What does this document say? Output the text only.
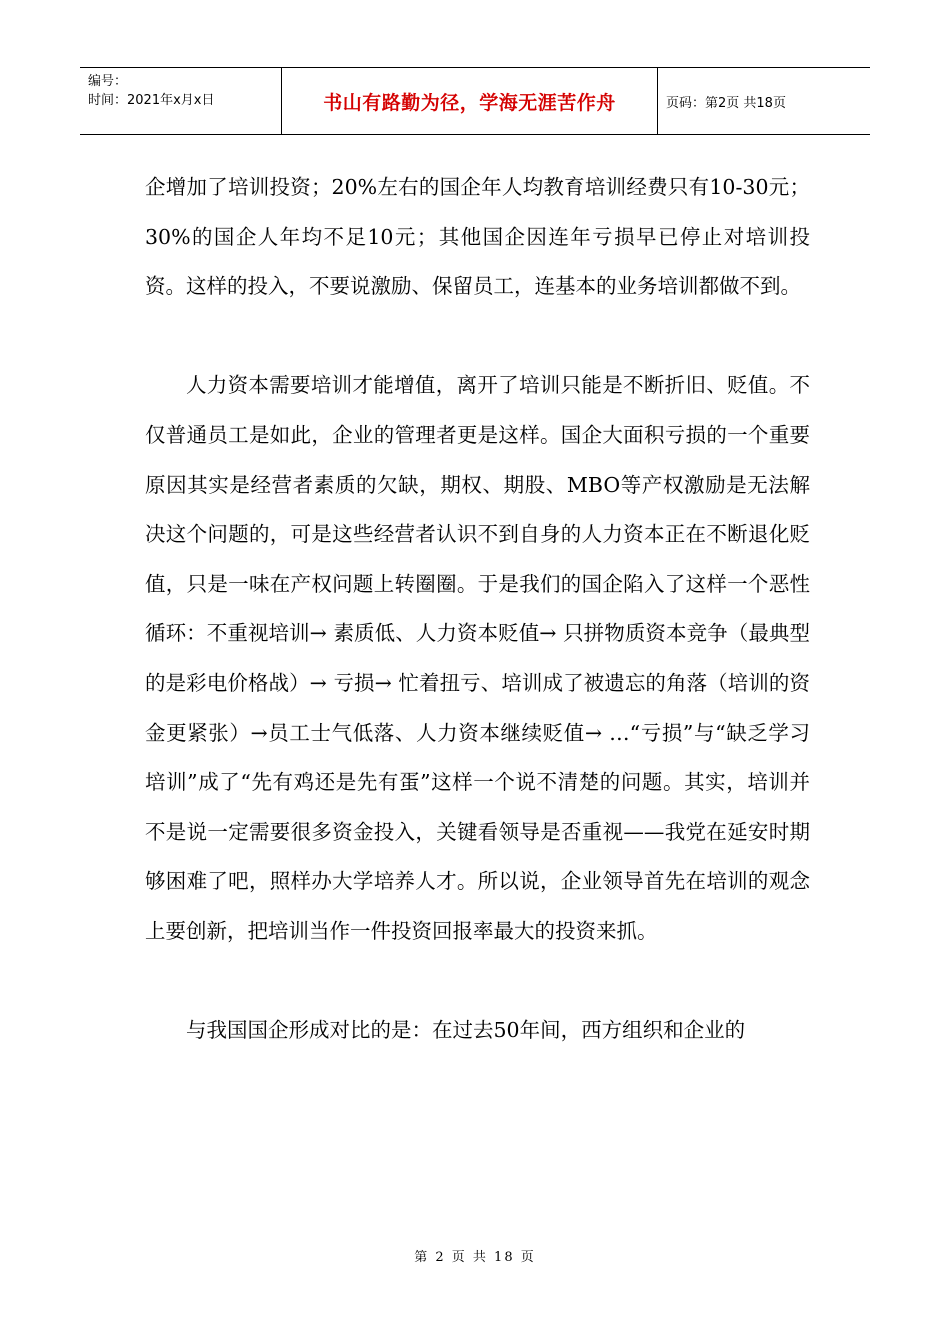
编号：
时间：2021年x月x日	书山有路勤为径，学海无涯苦作舟	页码：第2页 共18页

企增加了培训投资；20%左右的国企年人均教育培训经费只有10-30元；30%的国企人年均不足10元；其他国企因连年亏损早已停止对培训投资。这样的投入，不要说激励、保留员工，连基本的业务培训都做不到。

人力资本需要培训才能增值，离开了培训只能是不断折旧、贬值。不仅普通员工是如此，企业的管理者更是这样。国企大面积亏损的一个重要原因其实是经营者素质的欠缺，期权、期股、MBO等产权激励是无法解决这个问题的，可是这些经营者认识不到自身的人力资本正在不断退化贬值，只是一味在产权问题上转圈圈。于是我们的国企陷入了这样一个恶性循环：不重视培训→ 素质低、人力资本贬值→ 只拼物质资本竞争（最典型的是彩电价格战）→ 亏损→ 忙着扭亏、培训成了被遗忘的角落（培训的资金更紧张）→员工士气低落、人力资本继续贬值→ …“亏损”与“缺乏学习培训”成了“先有鸡还是先有蛋”这样一个说不清楚的问题。其实，培训并不是说一定需要很多资金投入，关键看领导是否重视——我党在延安时期够困难了吧，照样办大学培养人才。所以说，企业领导首先在培训的观念上要创新，把培训当作一件投资回报率最大的投资来抓。

与我国国企形成对比的是：在过去50年间，西方组织和企业的

第 2 页 共 18 页
